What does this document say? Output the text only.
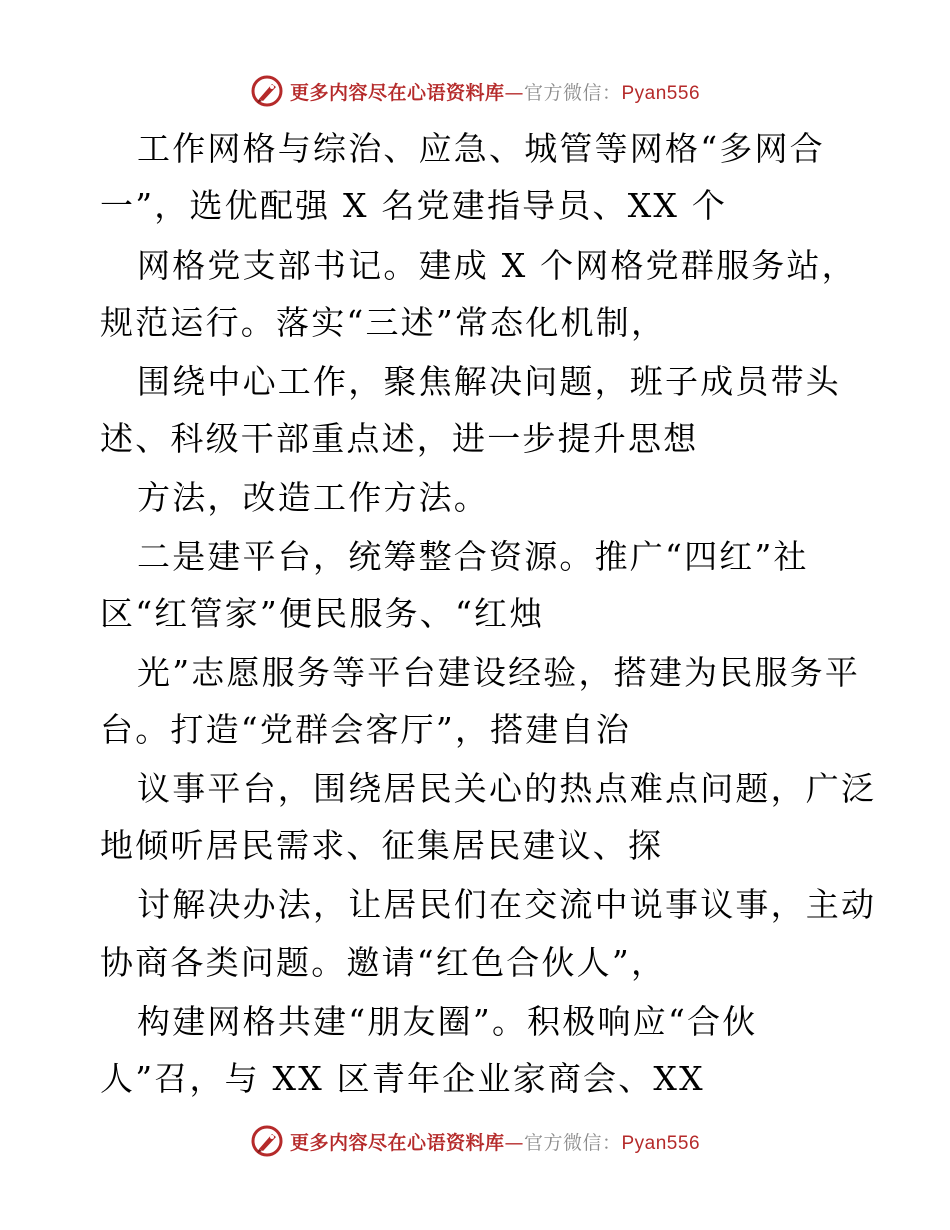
更多内容尽在心语资料库—官方微信：Pyan556
工作网格与综治、应急、城管等网格“多网合
一”，选优配强 X 名党建指导员、XX 个
网格党支部书记。建成 X 个网格党群服务站，
规范运行。落实“三述”常态化机制，
围绕中心工作，聚焦解决问题，班子成员带头
述、科级干部重点述，进一步提升思想
方法，改造工作方法。
二是建平台，统筹整合资源。推广“四红”社
区“红管家”便民服务、“红烛
光”志愿服务等平台建设经验，搭建为民服务平
台。打造“党群会客厅”，搭建自治
议事平台，围绕居民关心的热点难点问题，广泛
地倾听居民需求、征集居民建议、探
讨解决办法，让居民们在交流中说事议事，主动
协商各类问题。邀请“红色合伙人”，
构建网格共建“朋友圈”。积极响应“合伙
人”召，与 XX 区青年企业家商会、XX
更多内容尽在心语资料库—官方微信：Pyan556
